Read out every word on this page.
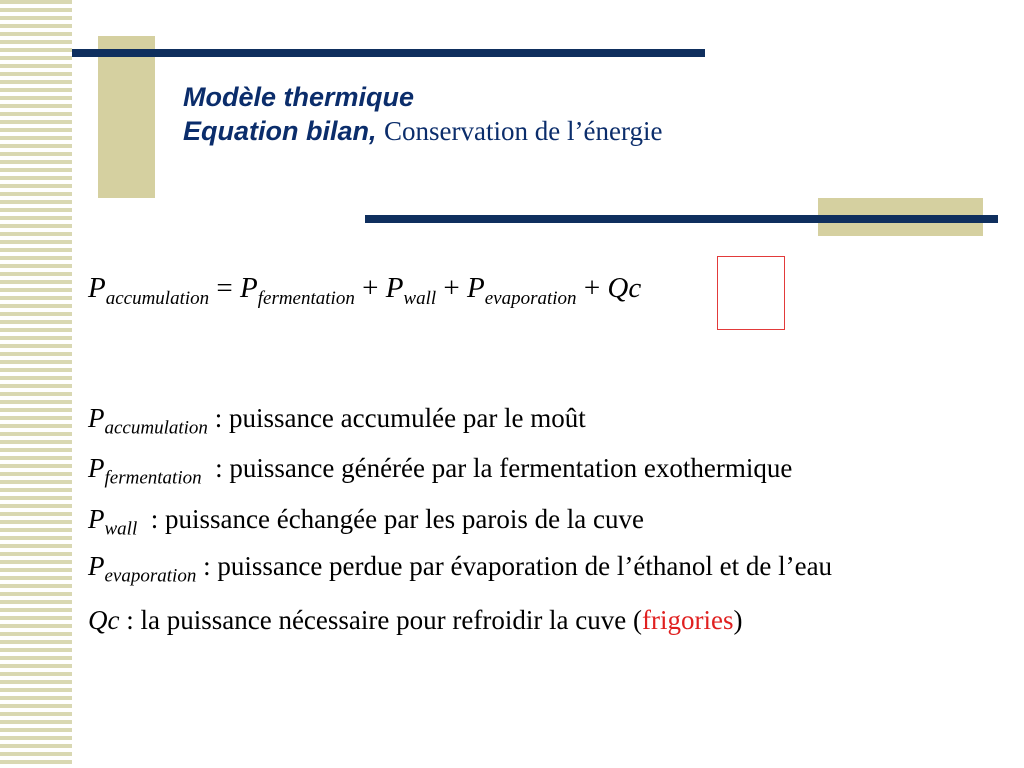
Modèle thermique
Equation bilan, Conservation de l’énergie
$P_{accumulation} = P_{fermentation} + P_{wall} + P_{evaporation} + Qc$

$P_{accumulation}$ : puissance accumulée par le moût

$P_{fermentation}$  : puissance générée par la fermentation exothermique

$P_{wall}$  : puissance échangée par les parois de la cuve

$P_{evaporation}$ : puissance perdue par évaporation de l’éthanol et de l’eau

Qc : la puissance nécessaire pour refroidir la cuve (frigories)
